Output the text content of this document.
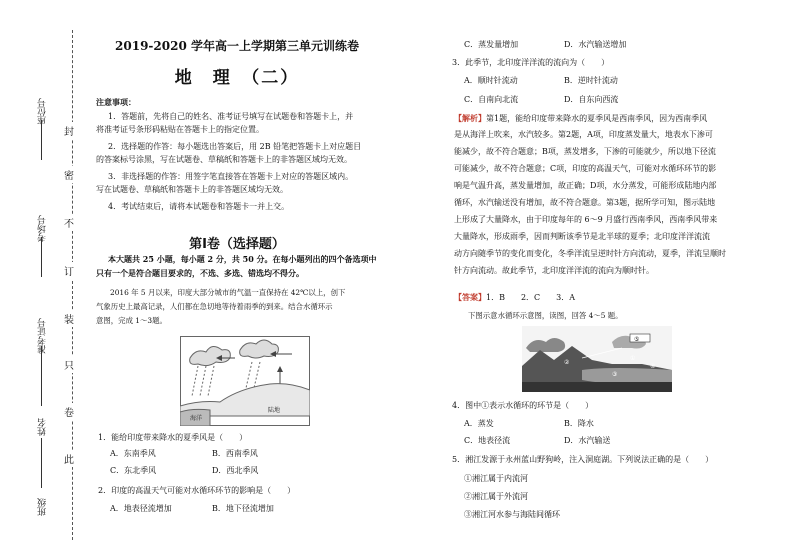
座位号
考场号
准考证号
姓名
班级
封
密
不
订
装
只
卷
此
2019-2020 学年高一上学期第三单元训练卷
地　理　（二）
注意事项：
1．答题前，先将自己的姓名、准考证号填写在试题卷和答题卡上，并
将准考证号条形码粘贴在答题卡上的指定位置。
2．选择题的作答：每小题选出答案后，用 2B 铅笔把答题卡上对应题目
的答案标号涂黑，写在试题卷、草稿纸和答题卡上的非答题区域均无效。
3．非选择题的作答：用签字笔直接答在答题卡上对应的答题区域内。
写在试题卷、草稿纸和答题卡上的非答题区域均无效。
4．考试结束后，请将本试题卷和答题卡一并上交。
第Ⅰ卷（选择题）
本大题共 25 小题，每小题 2 分，共 50 分。在每小题列出的四个备选项中
只有一个是符合题目要求的，不选、多选、错选均不得分。
2016 年 5 月以来，印度大部分城市的气温一直保持在 42℃以上，创下
气象历史上最高记录，人们都在急切地等待着雨季的到来。结合水循环示
意图，完成 1～3题。
海洋
陆地
1．能给印度带来降水的夏季风是（　　）
A．东南季风	B．西南季风
C．东北季风	D．西北季风
2．印度的高温天气可能对水循环环节的影响是（　　）
A．地表径流增加	B．地下径流增加
C．蒸发量增加	D．水汽输送增加
3．此季节，北印度洋洋流的流向为（　　）
A．顺时针流动	B．逆时针流动
C．自南向北流	D．自东向西流
【解析】第1题，能给印度带来降水的夏季风是西南季风，因为西南季风
是从海洋上吹来，水汽较多。第2题，A项，印度蒸发量大，地表水下渗可
能减少，故不符合题意；B项，蒸发增多，下渗的可能就少，所以地下径流
可能减少，故不符合题意；C项，印度的高温天气，可能对水循环环节的影
响是气温升高，蒸发量增加，故正确；D项，水分蒸发，可能形成陆地内部
循环，水汽输送没有增加，故不符合题意。第3题，据所学可知，图示陆地
上形成了大量降水，由于印度每年的 6～9 月盛行西南季风，西南季风带来
大量降水，形成雨季，因而判断该季节是北半球的夏季；北印度洋洋流流
动方向随季节的变化而变化，冬季洋流呈逆时针方向流动，夏季，洋流呈顺时
针方向流动。故此季节，北印度洋洋流的流向为顺时针。
【答案】1．B　　2．C　　3．A
下图示意水循环示意图，读图，回答 4～5 题。
⑤
②
①
③
④
4．图中①表示水循环的环节是（　　）
A．蒸发	B．降水
C．地表径流	D．水汽输送
5．湘江发源于永州蓝山野狗岭，注入洞庭湖。下列说法正确的是（　　）
①湘江属于内流河
②湘江属于外流河
③湘江河水参与海陆间循环
